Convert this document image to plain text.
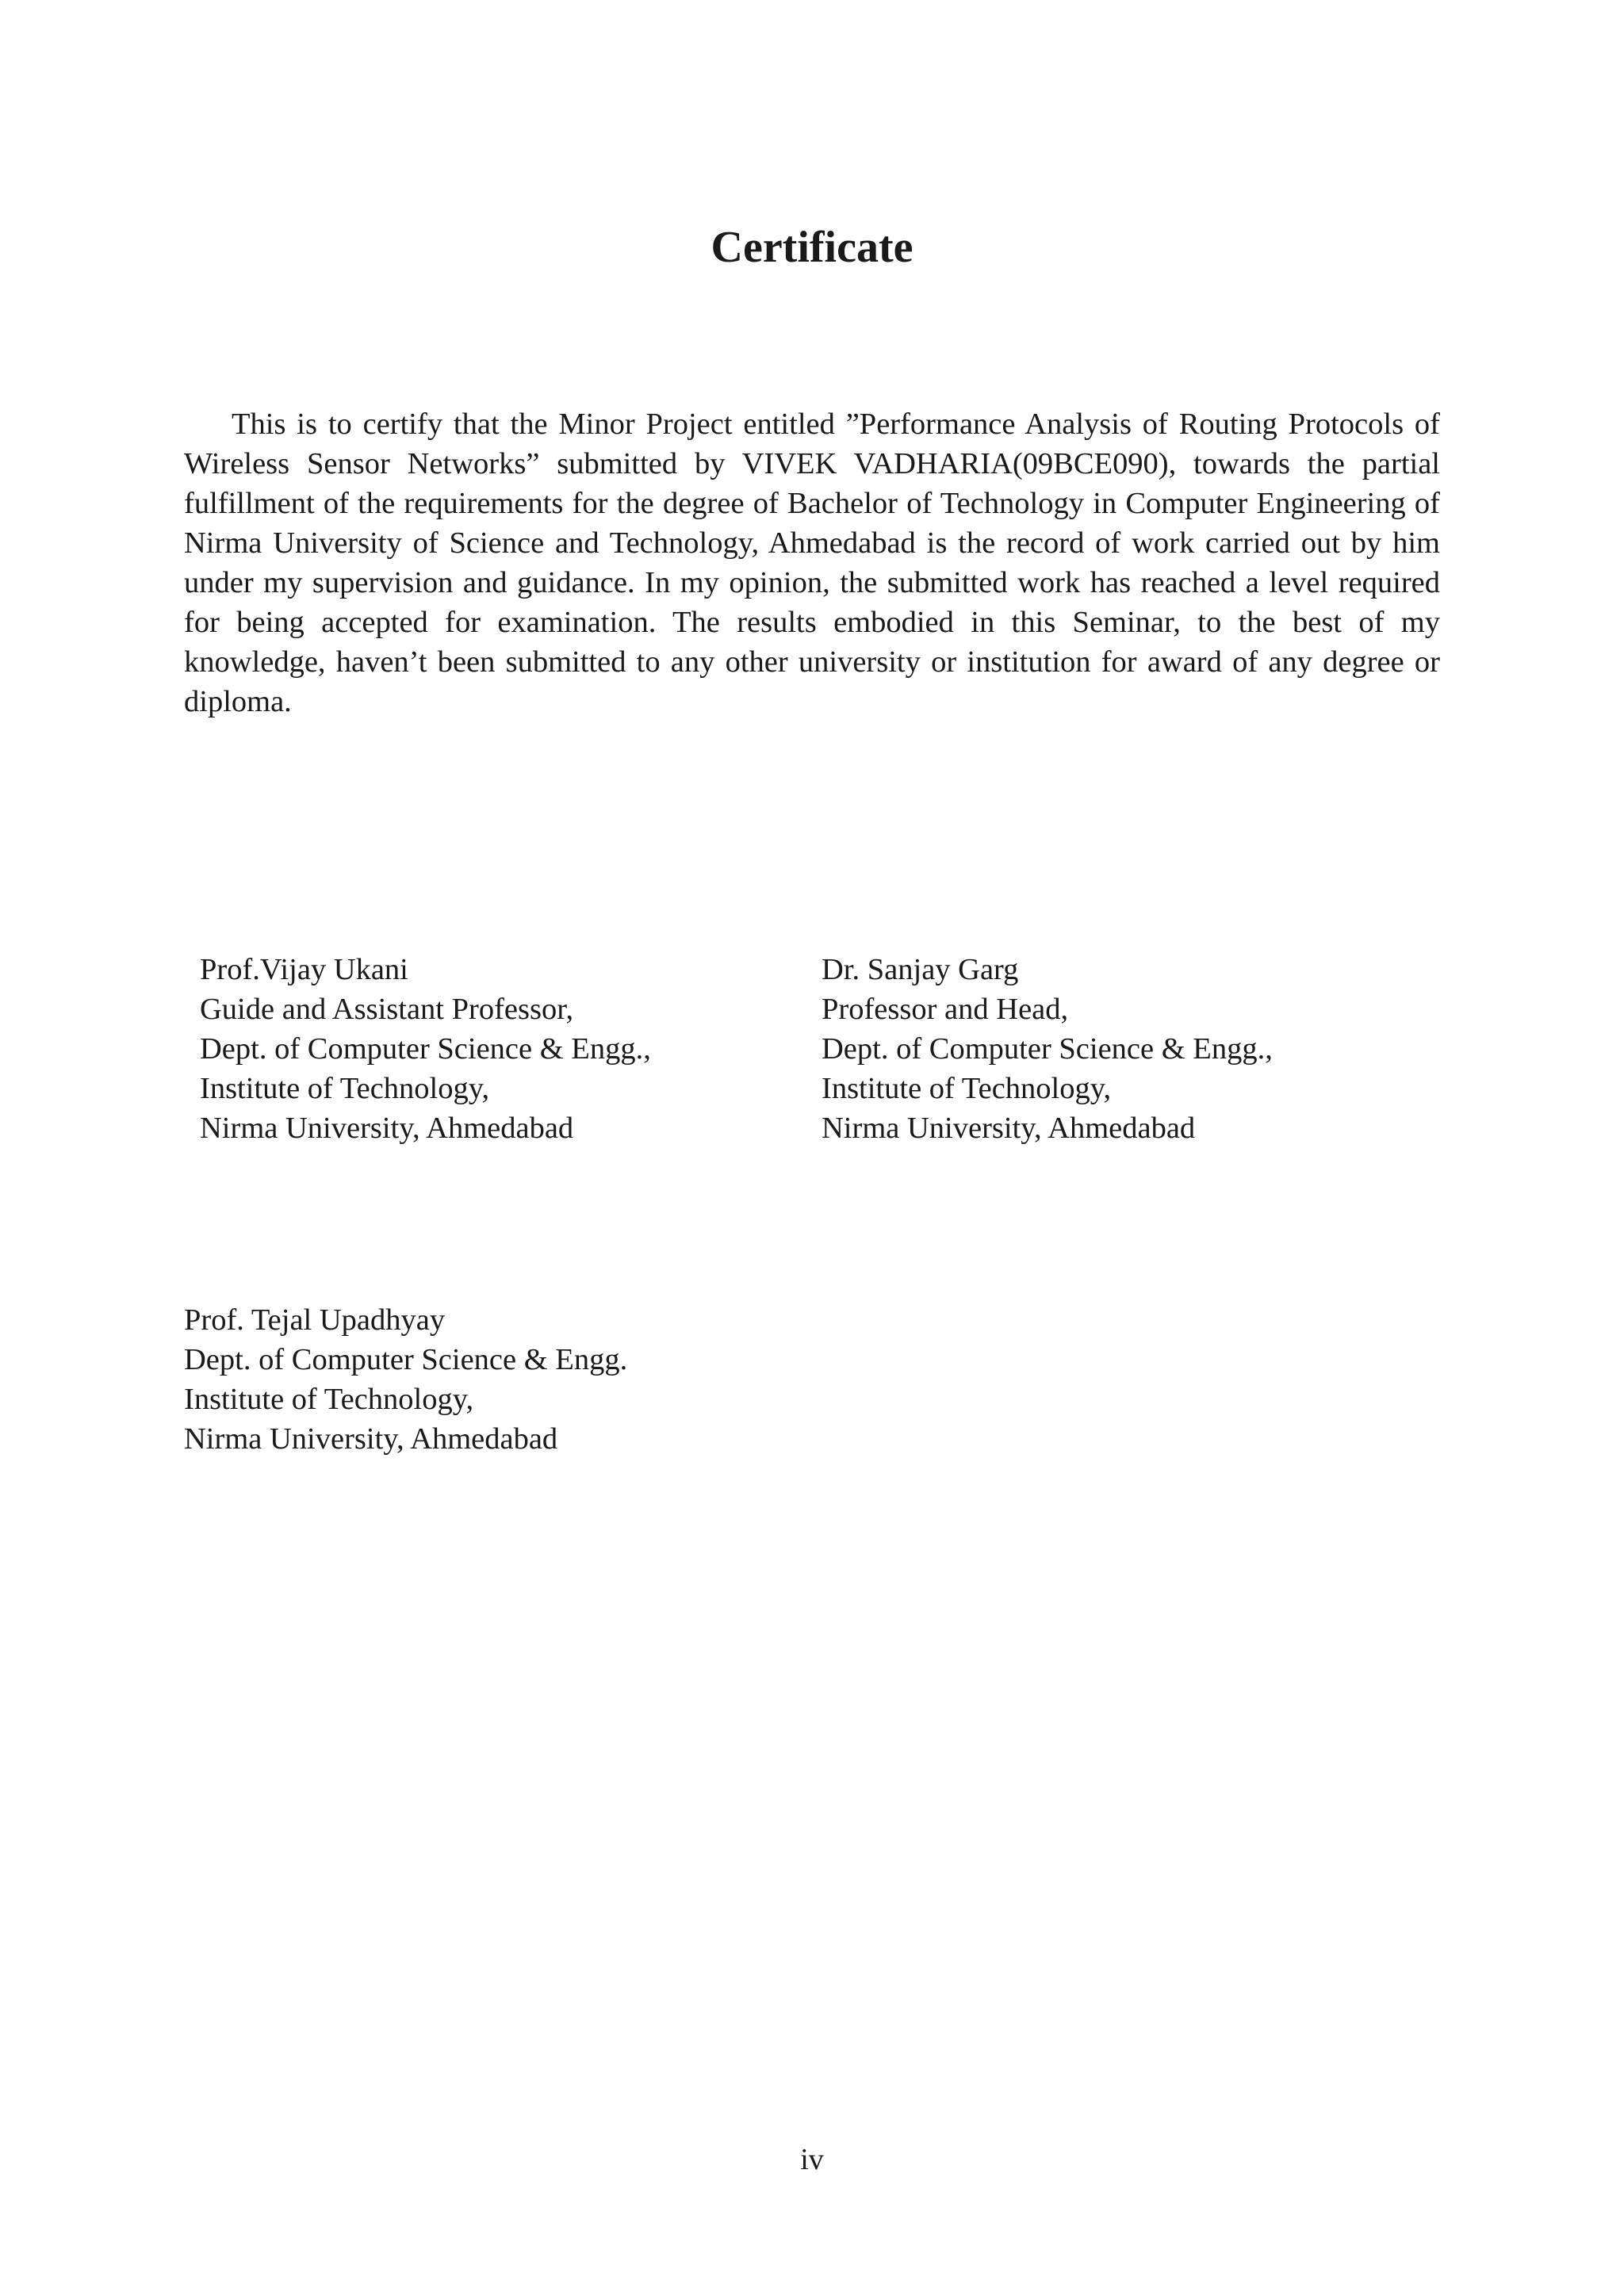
Certificate

This is to certify that the Minor Project entitled ”Performance Analysis of Routing Protocols of Wireless Sensor Networks” submitted by VIVEK VADHARIA(09BCE090), towards the partial fulfillment of the requirements for the degree of Bachelor of Technology in Computer Engineering of Nirma University of Science and Technology, Ahmedabad is the record of work carried out by him under my supervision and guidance. In my opinion, the submitted work has reached a level required for being accepted for examination. The results embodied in this Seminar, to the best of my knowledge, haven’t been submitted to any other university or institution for award of any degree or diploma.

Prof.Vijay Ukani
Guide and Assistant Professor,
Dept. of Computer Science & Engg.,
Institute of Technology,
Nirma University, Ahmedabad
Dr. Sanjay Garg
Professor and Head,
Dept. of Computer Science & Engg.,
Institute of Technology,
Nirma University, Ahmedabad
Prof. Tejal Upadhyay
Dept. of Computer Science & Engg.
Institute of Technology,
Nirma University, Ahmedabad
iv
